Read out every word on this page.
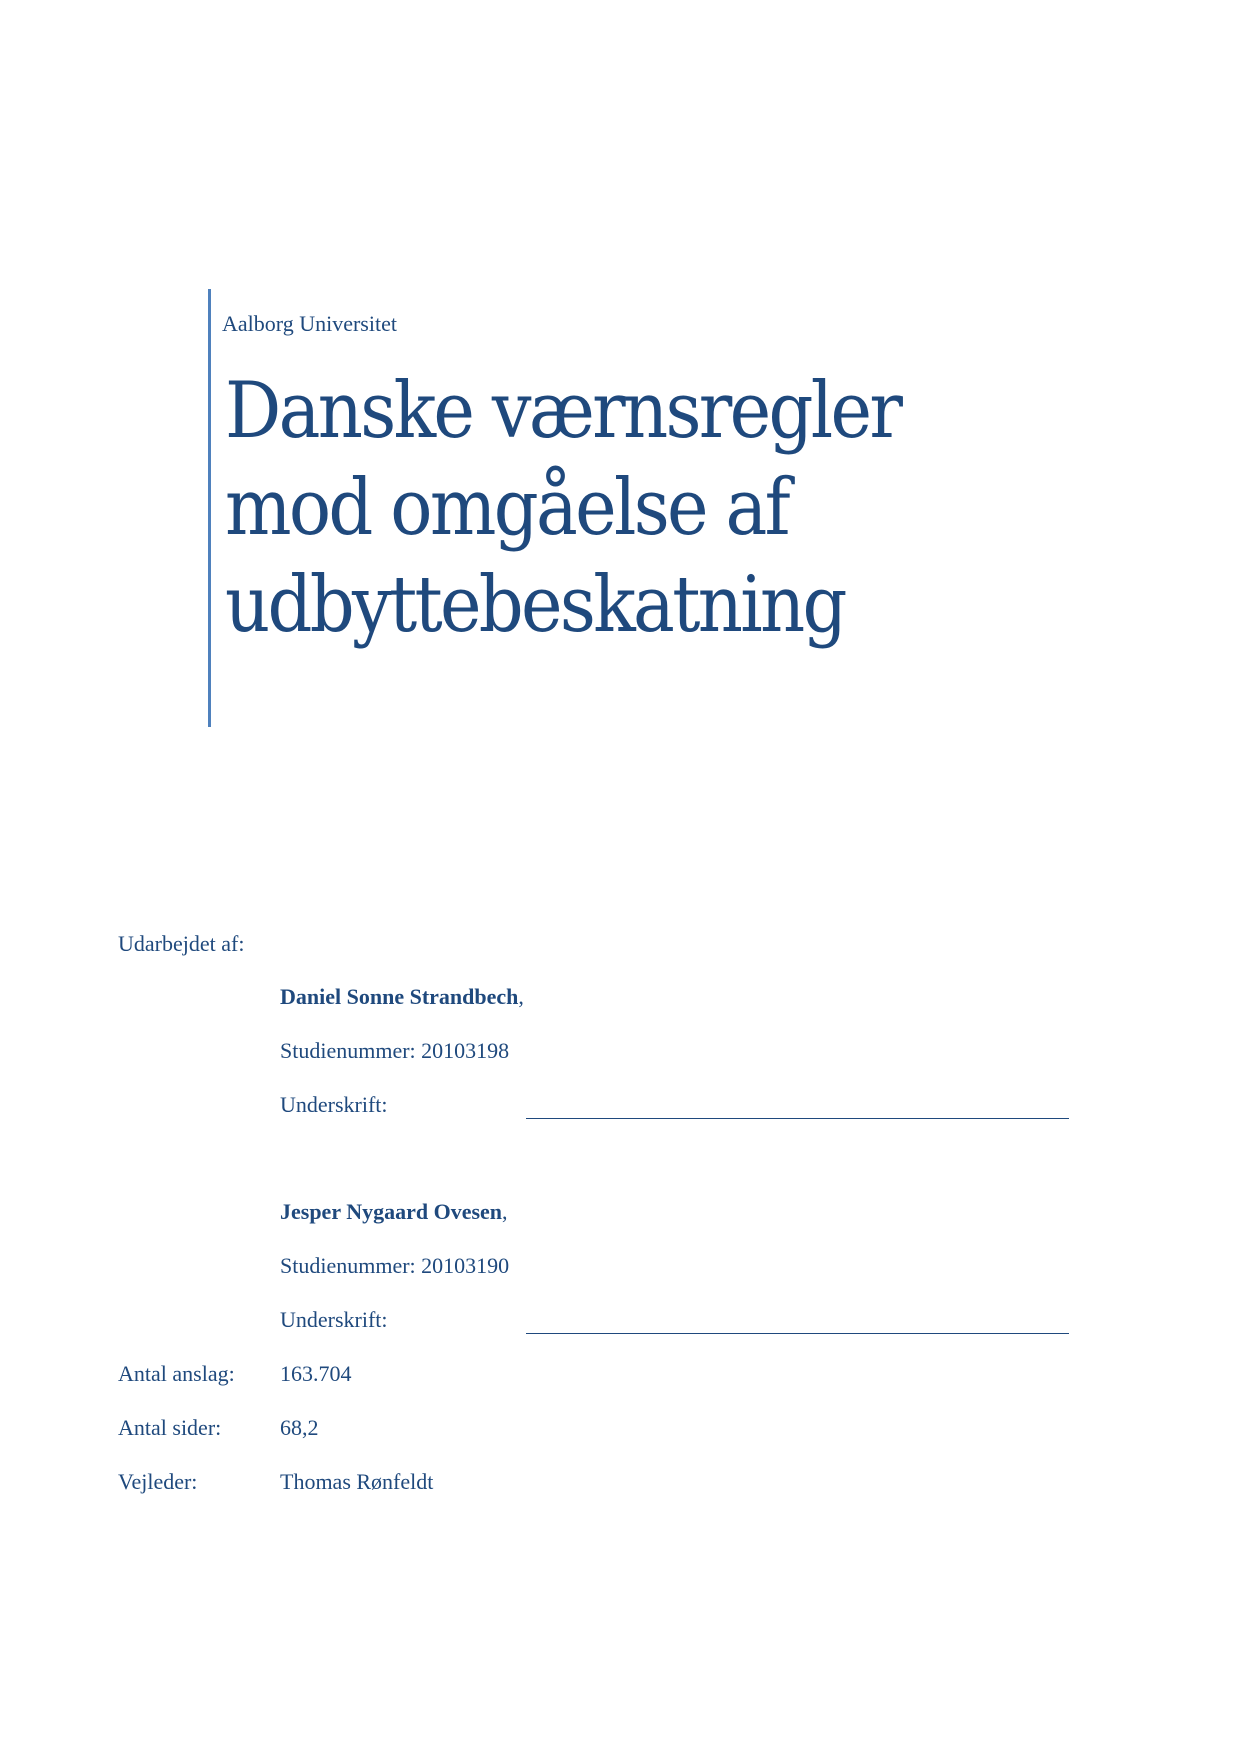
Aalborg Universitet
Danske værnsregler
mod omgåelse af
udbyttebeskatning
Udarbejdet af:
Daniel Sonne Strandbech,
Studienummer: 20103198
Underskrift:
Jesper Nygaard Ovesen,
Studienummer: 20103190
Underskrift:
Antal anslag: 163.704
Antal sider:	68,2
Vejleder:	Thomas Rønfeldt
